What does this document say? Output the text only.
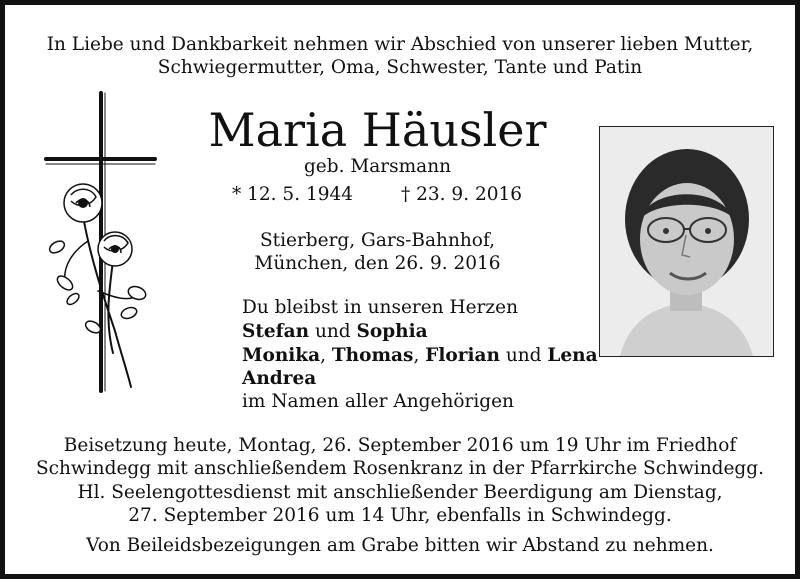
In Liebe und Dankbarkeit nehmen wir Abschied von unserer lieben Mutter,
Schwiegermutter, Oma, Schwester, Tante und Patin
Maria Häusler
geb. Marsmann
* 12. 5. 1944	† 23. 9. 2016
Stierberg, Gars-Bahnhof,
München, den 26. 9. 2016
Du bleibst in unseren Herzen
Stefan und Sophia
Monika, Thomas, Florian und Lena
Andrea
im Namen aller Angehörigen
Beisetzung heute, Montag, 26. September 2016 um 19 Uhr im Friedhof
Schwindegg mit anschließendem Rosenkranz in der Pfarrkirche Schwindegg.
Hl. Seelengottesdienst mit anschließender Beerdigung am Dienstag,
27. September 2016 um 14 Uhr, ebenfalls in Schwindegg.
Von Beileidsbezeigungen am Grabe bitten wir Abstand zu nehmen.
